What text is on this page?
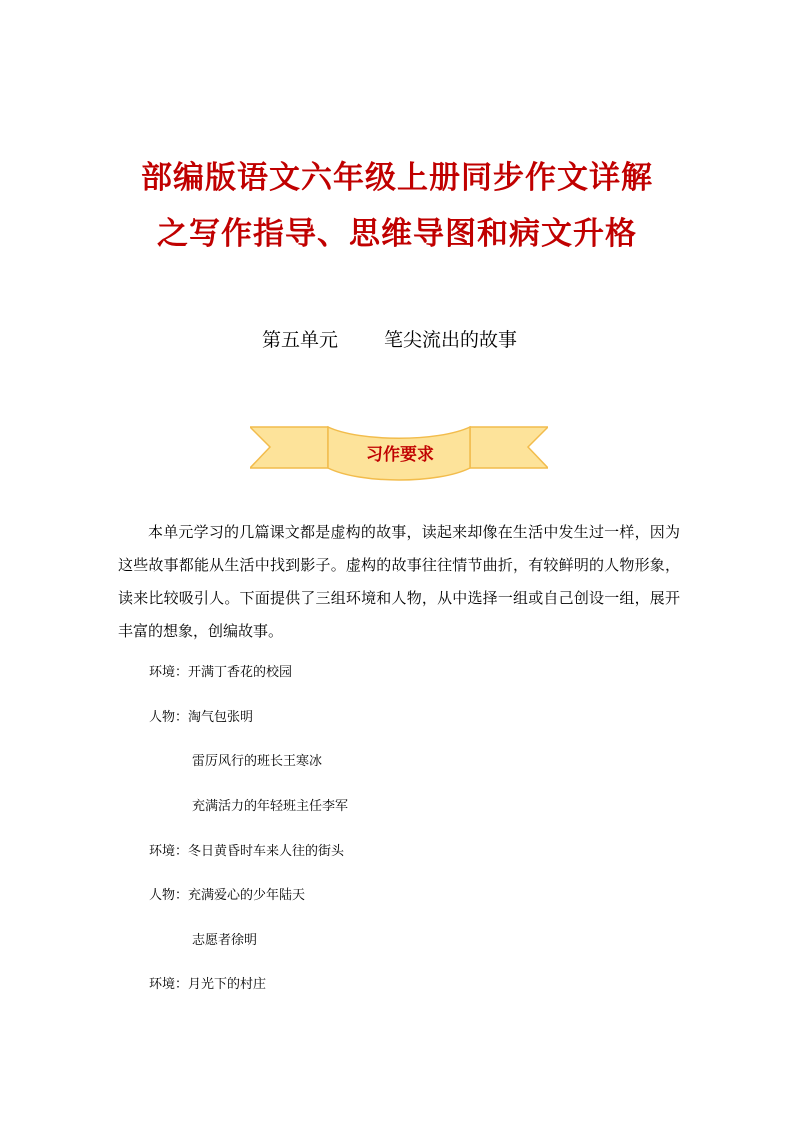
部编版语文六年级上册同步作文详解
之写作指导、思维导图和病文升格
第五单元 笔尖流出的故事
习作要求
本单元学习的几篇课文都是虚构的故事，读起来却像在生活中发生过一样，因为这些故事都能从生活中找到影子。虚构的故事往往情节曲折，有较鲜明的人物形象，读来比较吸引人。下面提供了三组环境和人物，从中选择一组或自己创设一组，展开丰富的想象，创编故事。
环境：开满丁香花的校园
人物：淘气包张明
雷厉风行的班长王寒冰
充满活力的年轻班主任李军
环境：冬日黄昏时车来人往的街头
人物：充满爱心的少年陆天
志愿者徐明
环境：月光下的村庄
